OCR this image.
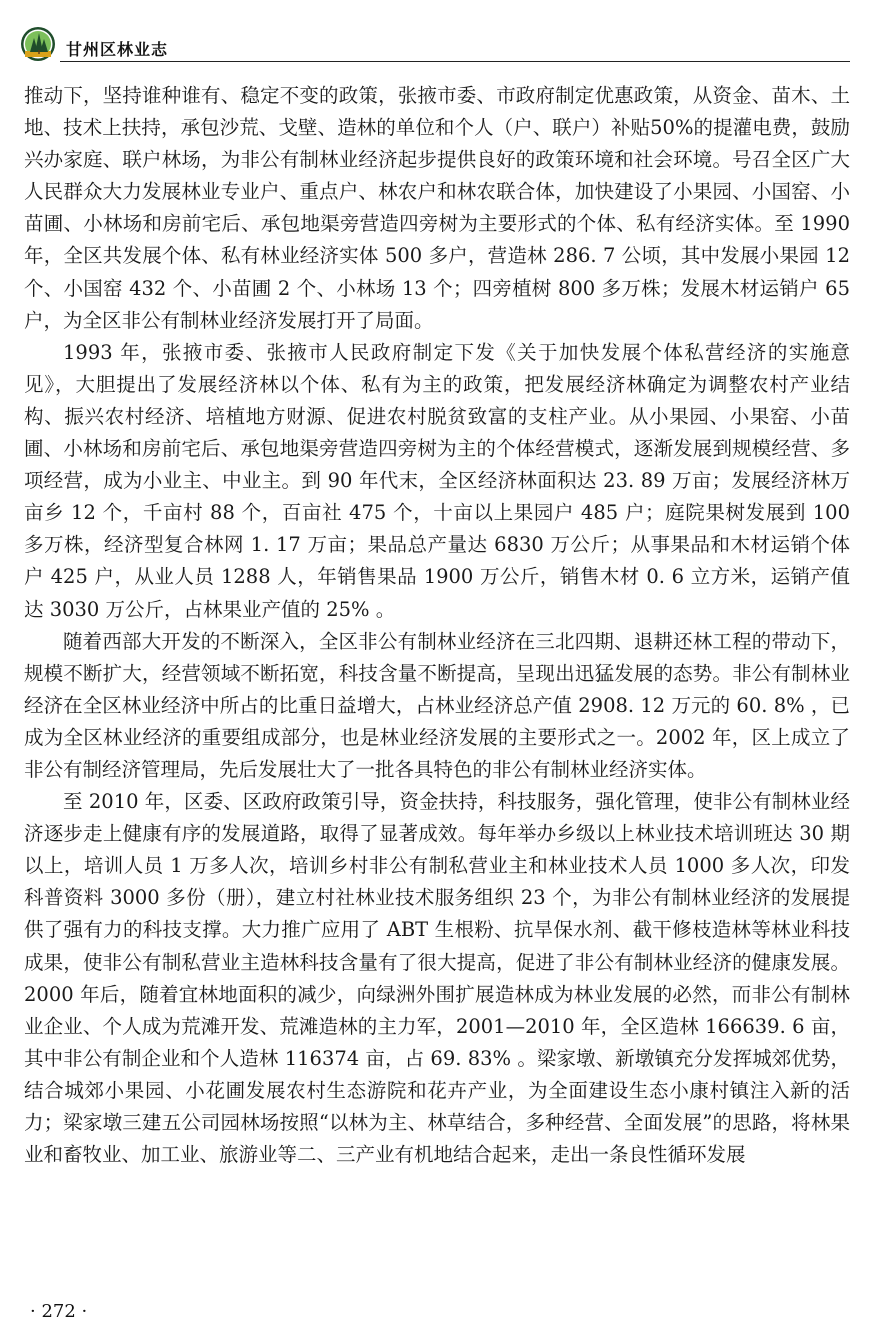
甘州区林业志

推动下，坚持谁种谁有、稳定不变的政策，张掖市委、市政府制定优惠政策，从资金、苗木、土地、技术上扶持，承包沙荒、戈壁、造林的单位和个人（户、联户）补贴50%的提灌电费，鼓励兴办家庭、联户林场，为非公有制林业经济起步提供良好的政策环境和社会环境。号召全区广大人民群众大力发展林业专业户、重点户、林农户和林农联合体，加快建设了小果园、小国窑、小苗圃、小林场和房前宅后、承包地渠旁营造四旁树为主要形式的个体、私有经济实体。至 1990 年，全区共发展个体、私有林业经济实体 500 多户，营造林 286. 7 公顷，其中发展小果园 12 个、小国窑 432 个、小苗圃 2 个、小林场 13 个；四旁植树 800 多万株；发展木材运销户 65 户，为全区非公有制林业经济发展打开了局面。

1993 年，张掖市委、张掖市人民政府制定下发《关于加快发展个体私营经济的实施意见》，大胆提出了发展经济林以个体、私有为主的政策，把发展经济林确定为调整农村产业结构、振兴农村经济、培植地方财源、促进农村脱贫致富的支柱产业。从小果园、小果窑、小苗圃、小林场和房前宅后、承包地渠旁营造四旁树为主的个体经营模式，逐渐发展到规模经营、多项经营，成为小业主、中业主。到 90 年代末，全区经济林面积达 23. 89 万亩；发展经济林万亩乡 12 个，千亩村 88 个，百亩社 475 个，十亩以上果园户 485 户；庭院果树发展到 100 多万株，经济型复合林网 1. 17 万亩；果品总产量达 6830 万公斤；从事果品和木材运销个体户 425 户，从业人员 1288 人，年销售果品 1900 万公斤，销售木材 0. 6 立方米，运销产值达 3030 万公斤，占林果业产值的 25% 。

随着西部大开发的不断深入，全区非公有制林业经济在三北四期、退耕还林工程的带动下，规模不断扩大，经营领域不断拓宽，科技含量不断提高，呈现出迅猛发展的态势。非公有制林业经济在全区林业经济中所占的比重日益增大，占林业经济总产值 2908. 12 万元的 60. 8% ，已成为全区林业经济的重要组成部分，也是林业经济发展的主要形式之一。2002 年，区上成立了非公有制经济管理局，先后发展壮大了一批各具特色的非公有制林业经济实体。

至 2010 年，区委、区政府政策引导，资金扶持，科技服务，强化管理，使非公有制林业经济逐步走上健康有序的发展道路，取得了显著成效。每年举办乡级以上林业技术培训班达 30 期以上，培训人员 1 万多人次，培训乡村非公有制私营业主和林业技术人员 1000 多人次，印发科普资料 3000 多份（册），建立村社林业技术服务组织 23 个，为非公有制林业经济的发展提供了强有力的科技支撑。大力推广应用了 ABT 生根粉、抗旱保水剂、截干修枝造林等林业科技成果，使非公有制私营业主造林科技含量有了很大提高，促进了非公有制林业经济的健康发展。2000 年后，随着宜林地面积的减少，向绿洲外围扩展造林成为林业发展的必然，而非公有制林业企业、个人成为荒滩开发、荒滩造林的主力军，2001—2010 年，全区造林 166639. 6 亩，其中非公有制企业和个人造林 116374 亩，占 69. 83% 。梁家墩、新墩镇充分发挥城郊优势，结合城郊小果园、小花圃发展农村生态游院和花卉产业，为全面建设生态小康村镇注入新的活力；梁家墩三建五公司园林场按照“以林为主、林草结合，多种经营、全面发展”的思路，将林果业和畜牧业、加工业、旅游业等二、三产业有机地结合起来，走出一条良性循环发展

· 272 ·
